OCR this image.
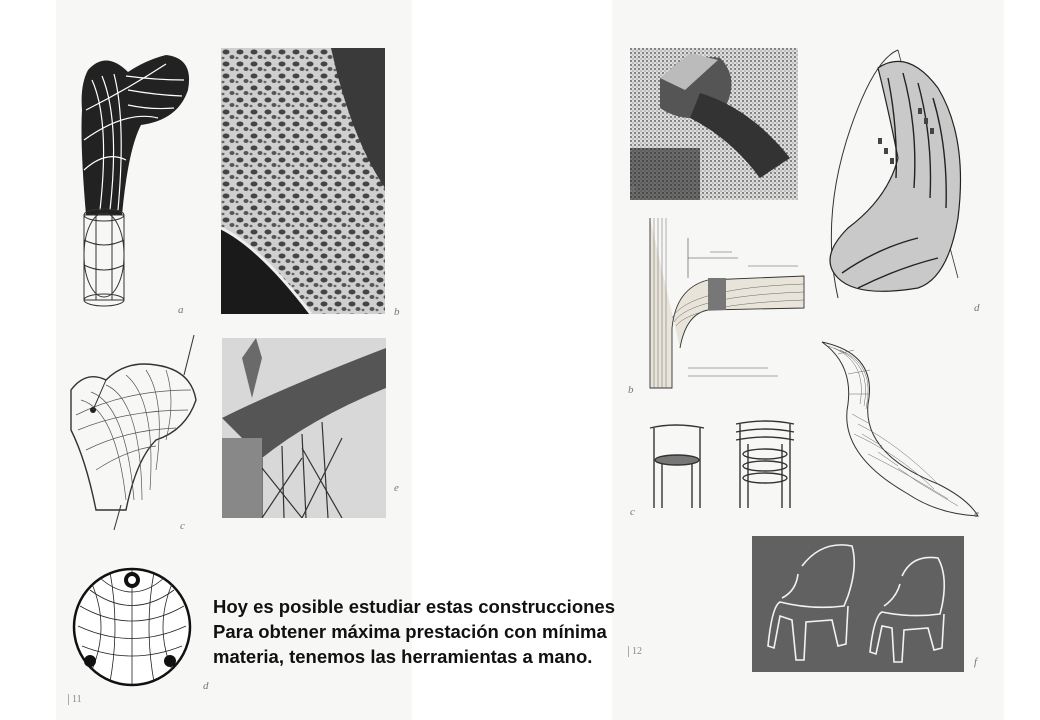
a	b
c
e
d
11
a
d
b
e
c
f
12
Hoy es posible estudiar estas construcciones
Para obtener máxima prestación con mínima
materia, tenemos las herramientas a mano.
